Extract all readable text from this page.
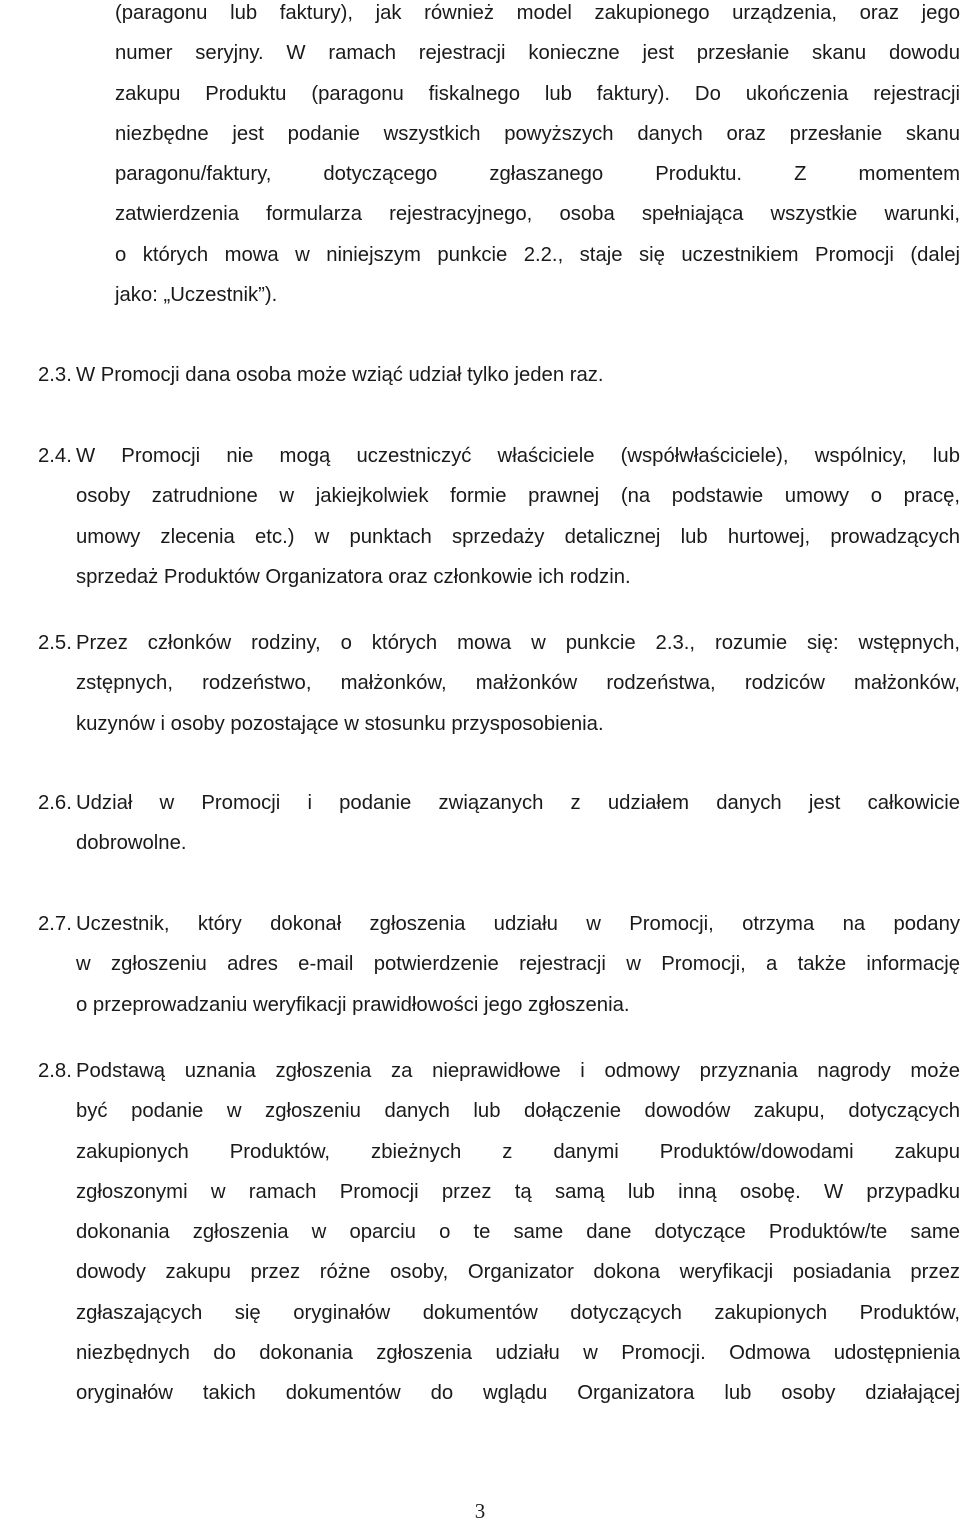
(paragonu lub faktury), jak również model zakupionego urządzenia, oraz jego
numer seryjny. W ramach rejestracji konieczne jest przesłanie skanu dowodu
zakupu Produktu (paragonu fiskalnego lub faktury). Do ukończenia rejestracji
niezbędne jest podanie wszystkich powyższych danych oraz przesłanie skanu
paragonu/faktury, dotyczącego zgłaszanego Produktu. Z momentem
zatwierdzenia formularza rejestracyjnego, osoba spełniająca wszystkie warunki,
o których mowa w niniejszym punkcie 2.2., staje się uczestnikiem Promocji (dalej
jako: „Uczestnik”).
2.3. W Promocji dana osoba może wziąć udział tylko jeden raz.
2.4. W Promocji nie mogą uczestniczyć właściciele (współwłaściciele), wspólnicy, lub
osoby zatrudnione w jakiejkolwiek formie prawnej (na podstawie umowy o pracę,
umowy zlecenia etc.) w punktach sprzedaży detalicznej lub hurtowej, prowadzących
sprzedaż Produktów Organizatora oraz członkowie ich rodzin.
2.5. Przez członków rodziny, o których mowa w punkcie 2.3., rozumie się: wstępnych,
zstępnych, rodzeństwo, małżonków, małżonków rodzeństwa, rodziców małżonków,
kuzynów i osoby pozostające w stosunku przysposobienia.
2.6. Udział w Promocji i podanie związanych z udziałem danych jest całkowicie
dobrowolne.
2.7. Uczestnik, który dokonał zgłoszenia udziału w Promocji, otrzyma na podany
w zgłoszeniu adres e-mail potwierdzenie rejestracji w Promocji, a także informację
o przeprowadzaniu weryfikacji prawidłowości jego zgłoszenia.
2.8. Podstawą uznania zgłoszenia za nieprawidłowe i odmowy przyznania nagrody może
być podanie w zgłoszeniu danych lub dołączenie dowodów zakupu, dotyczących
zakupionych Produktów, zbieżnych z danymi Produktów/dowodami zakupu
zgłoszonymi w ramach Promocji przez tą samą lub inną osobę. W przypadku
dokonania zgłoszenia w oparciu o te same dane dotyczące Produktów/te same
dowody zakupu przez różne osoby, Organizator dokona weryfikacji posiadania przez
zgłaszających się oryginałów dokumentów dotyczących zakupionych Produktów,
niezbędnych do dokonania zgłoszenia udziału w Promocji. Odmowa udostępnienia
oryginałów takich dokumentów do wglądu Organizatora lub osoby działającej
3
